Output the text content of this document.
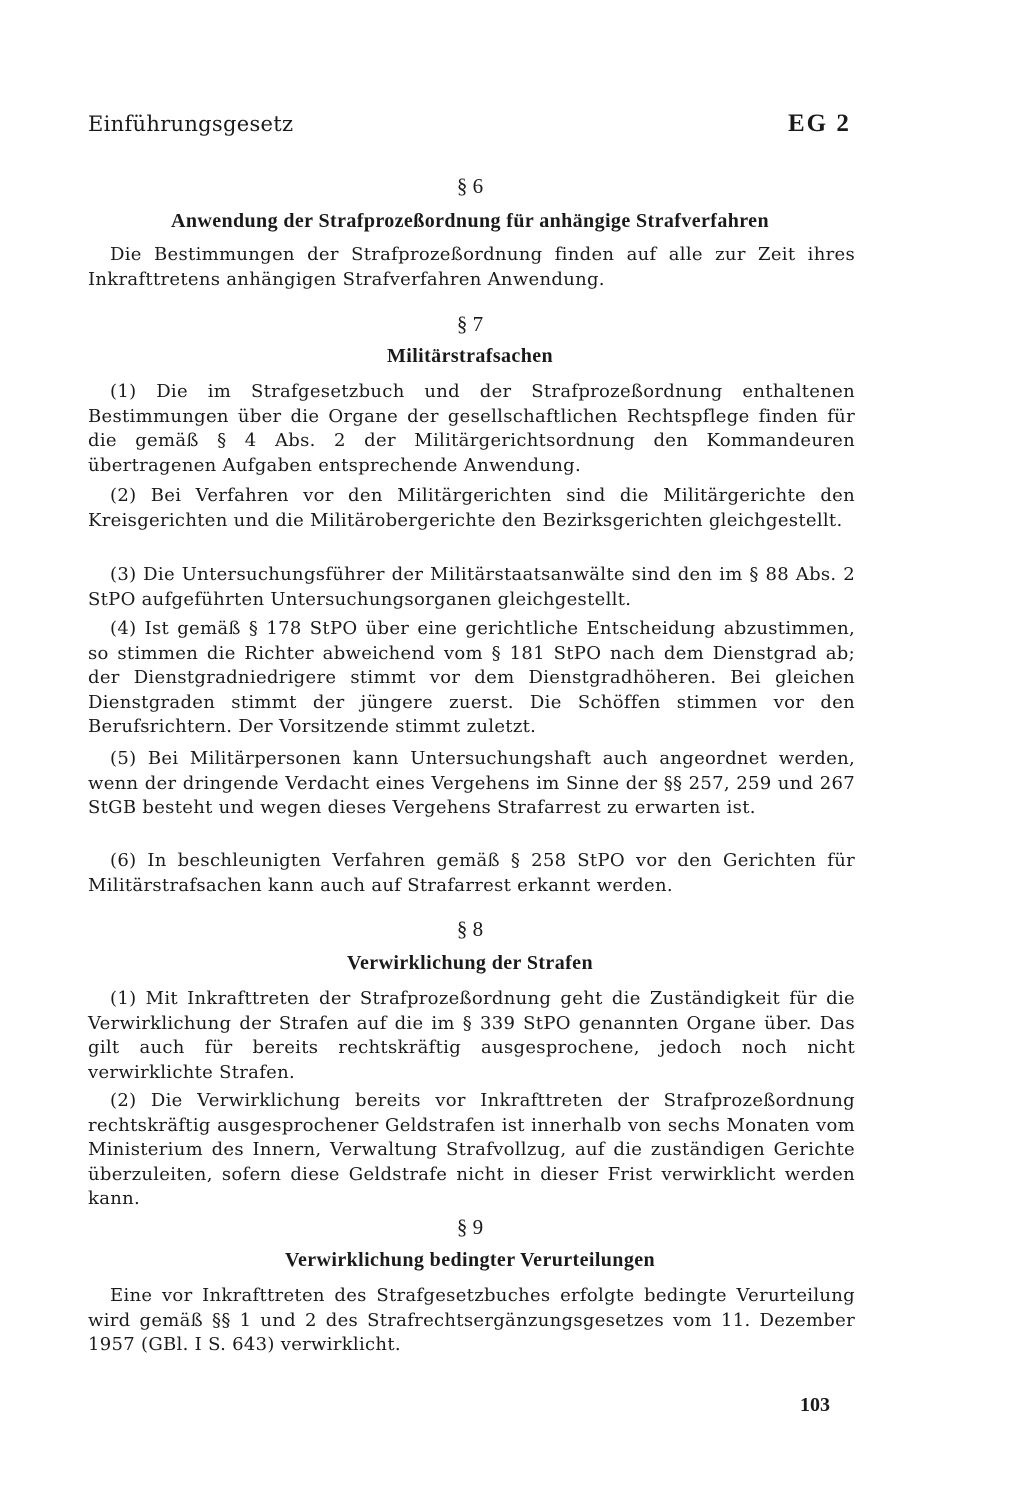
Einführungsgesetz	EG 2
§ 6
Anwendung der Strafprozeßordnung für anhängige Strafverfahren

Die Bestimmungen der Strafprozeßordnung finden auf alle zur Zeit ihres Inkrafttretens anhängigen Strafverfahren Anwendung.

§ 7
Militärstrafsachen

(1) Die im Strafgesetzbuch und der Strafprozeßordnung enthaltenen Bestimmungen über die Organe der gesellschaftlichen Rechtspflege finden für die gemäß § 4 Abs. 2 der Militärgerichtsordnung den Kommandeuren übertragenen Aufgaben entsprechende Anwendung.

(2) Bei Verfahren vor den Militärgerichten sind die Militärgerichte den Kreisgerichten und die Militärobergerichte den Bezirksgerichten gleichgestellt.

(3) Die Untersuchungsführer der Militärstaatsanwälte sind den im § 88 Abs. 2 StPO aufgeführten Untersuchungsorganen gleichgestellt.

(4) Ist gemäß § 178 StPO über eine gerichtliche Entscheidung abzustimmen, so stimmen die Richter abweichend vom § 181 StPO nach dem Dienstgrad ab; der Dienstgradniedrigere stimmt vor dem Dienstgradhöheren. Bei gleichen Dienstgraden stimmt der jüngere zuerst. Die Schöffen stimmen vor den Berufsrichtern. Der Vorsitzende stimmt zuletzt.

(5) Bei Militärpersonen kann Untersuchungshaft auch angeordnet werden, wenn der dringende Verdacht eines Vergehens im Sinne der §§ 257, 259 und 267 StGB besteht und wegen dieses Vergehens Strafarrest zu erwarten ist.

(6) In beschleunigten Verfahren gemäß § 258 StPO vor den Gerichten für Militärstrafsachen kann auch auf Strafarrest erkannt werden.

§ 8
Verwirklichung der Strafen

(1) Mit Inkrafttreten der Strafprozeßordnung geht die Zuständigkeit für die Verwirklichung der Strafen auf die im § 339 StPO genannten Organe über. Das gilt auch für bereits rechtskräftig ausgesprochene, jedoch noch nicht verwirklichte Strafen.

(2) Die Verwirklichung bereits vor Inkrafttreten der Strafprozeßordnung rechtskräftig ausgesprochener Geldstrafen ist innerhalb von sechs Monaten vom Ministerium des Innern, Verwaltung Strafvollzug, auf die zuständigen Gerichte überzuleiten, sofern diese Geldstrafe nicht in dieser Frist verwirklicht werden kann.

§ 9
Verwirklichung bedingter Verurteilungen

Eine vor Inkrafttreten des Strafgesetzbuches erfolgte bedingte Verurteilung wird gemäß §§ 1 und 2 des Strafrechtsergänzungsgesetzes vom 11. Dezember 1957 (GBl. I S. 643) verwirklicht.

103
